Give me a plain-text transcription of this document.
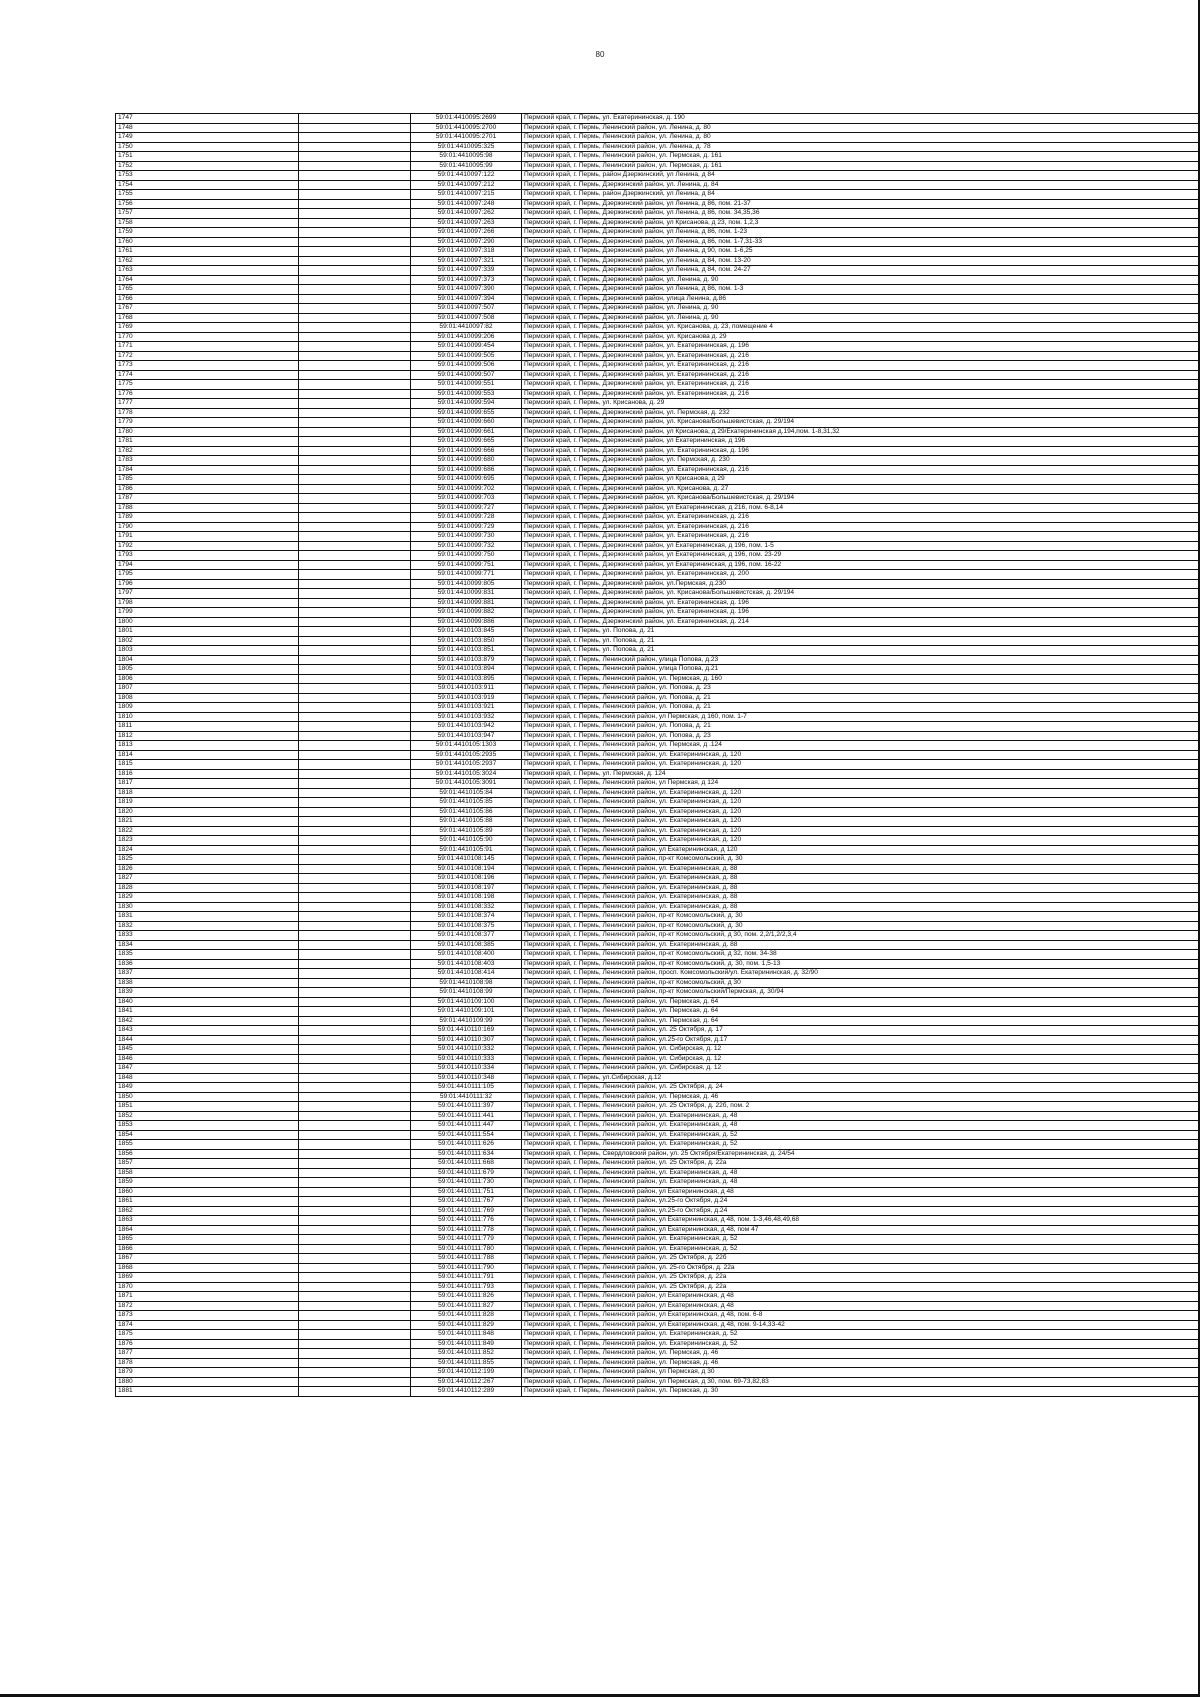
80
1747		59:01:4410095:2699	Пермский край, г. Пермь, ул. Екатерининская, д. 190
1748		59:01:4410095:2700	Пермский край, г. Пермь, Ленинский район, ул. Ленина, д. 80
1749		59:01:4410095:2701	Пермский край, г. Пермь, Ленинский район, ул. Ленина, д. 80
1750		59:01:4410095:325	Пермский край, г. Пермь, Ленинский район, ул. Ленина, д. 78
1751		59:01:4410095:98	Пермский край, г. Пермь, Ленинский район, ул. Пермская, д. 161
1752		59:01:4410095:99	Пермский край, г. Пермь, Ленинский район, ул. Пермская, д. 161
1753		59:01:4410097:122	Пермский край, г. Пермь, район Дзержинский, ул Ленина, д 84
1754		59:01:4410097:212	Пермский край, г. Пермь, Дзержинский район, ул. Ленина, д. 84
1755		59:01:4410097:215	Пермский край, г. Пермь, район Дзержинский, ул Ленина, д 84
1756		59:01:4410097:248	Пермский край, г. Пермь, Дзержинский район, ул Ленина, д 86, пом. 21-37
1757		59:01:4410097:262	Пермский край, г. Пермь, Дзержинский район, ул Ленина, д 86, пом. 34,35,36
1758		59:01:4410097:263	Пермский край, г. Пермь, Дзержинский район, ул Крисанова, д 23, пом. 1,2,3
1759		59:01:4410097:266	Пермский край, г. Пермь, Дзержинский район, ул Ленина, д 86, пом. 1-23
1760		59:01:4410097:290	Пермский край, г. Пермь, Дзержинский район, ул Ленина, д 86, пом. 1-7,31-33
1761		59:01:4410097:318	Пермский край, г. Пермь, Дзержинский район, ул Ленина, д 90, пом. 1-6,25
1762		59:01:4410097:321	Пермский край, г. Пермь, Дзержинский район, ул Ленина, д 84, пом. 13-20
1763		59:01:4410097:339	Пермский край, г. Пермь, Дзержинский район, ул Ленина, д 84, пом. 24-27
1764		59:01:4410097:373	Пермский край, г. Пермь, Дзержинский район, ул. Ленина, д. 90
1765		59:01:4410097:390	Пермский край, г. Пермь, Дзержинский район, ул Ленина, д 86, пом. 1-3
1766		59:01:4410097:394	Пермский край, г. Пермь, Дзержинский район, улица Ленина, д.86
1767		59:01:4410097:507	Пермский край, г. Пермь, Дзержинский район, ул. Ленина, д. 90
1768		59:01:4410097:508	Пермский край, г. Пермь, Дзержинский район, ул. Ленина, д. 90
1769		59:01:4410097:82	Пермский край, г. Пермь, Дзержинский район, ул. Крисанова, д. 23, помещение 4
1770		59:01:4410099:206	Пермский край, г. Пермь, Дзержинский район, ул. Крисанова д. 29
1771		59:01:4410099:454	Пермский край, г. Пермь, Дзержинский район, ул. Екатерининская, д. 196
1772		59:01:4410099:505	Пермский край, г. Пермь, Дзержинский район, ул. Екатерининская, д. 216
1773		59:01:4410099:506	Пермский край, г. Пермь, Дзержинский район, ул. Екатерининская, д. 216
1774		59:01:4410099:507	Пермский край, г. Пермь, Дзержинский район, ул. Екатерининская, д. 216
1775		59:01:4410099:551	Пермский край, г. Пермь, Дзержинский район, ул. Екатерининская, д. 216
1776		59:01:4410099:553	Пермский край, г. Пермь, Дзержинский район, ул. Екатерининская, д. 216
1777		59:01:4410099:594	Пермский край, г. Пермь, ул. Крисанова, д. 29
1778		59:01:4410099:655	Пермский край, г. Пермь, Дзержинский район, ул. Пермская, д. 232
1779		59:01:4410099:660	Пермский край, г. Пермь, Дзержинский район, ул. Крисанова/Большевистская, д. 29/194
1780		59:01:4410099:661	Пермский край, г. Пермь, Дзержинский район, ул Крисанова, д 29/Екатерининская д.194,пом. 1-8,31,32
1781		59:01:4410099:665	Пермский край, г. Пермь, Дзержинский район, ул Екатерининская, д 196
1782		59:01:4410099:666	Пермский край, г. Пермь, Дзержинский район, ул. Екатерининская, д. 196
1783		59:01:4410099:680	Пермский край, г. Пермь, Дзержинский район, ул. Пермская, д. 230
1784		59:01:4410099:686	Пермский край, г. Пермь, Дзержинский район, ул. Екатерининская, д. 216
1785		59:01:4410099:695	Пермский край, г. Пермь, Дзержинский район, ул Крисанова, д 29
1786		59:01:4410099:702	Пермский край, г. Пермь, Дзержинский район, ул. Крисанова, д. 27
1787		59:01:4410099:703	Пермский край, г. Пермь, Дзержинский район, ул. Крисанова/Большевистская, д. 29/194
1788		59:01:4410099:727	Пермский край, г. Пермь, Дзержинский район, ул Екатерининская, д 216, пом. 6-8,14
1789		59:01:4410099:728	Пермский край, г. Пермь, Дзержинский район, ул. Екатерининская, д. 216
1790		59:01:4410099:729	Пермский край, г. Пермь, Дзержинский район, ул. Екатерининская, д. 216
1791		59:01:4410099:730	Пермский край, г. Пермь, Дзержинский район, ул. Екатерининская, д. 216
1792		59:01:4410099:732	Пермский край, г. Пермь, Дзержинский район, ул Екатерининская, д 196, пом. 1-5
1793		59:01:4410099:750	Пермский край, г. Пермь, Дзержинский район, ул Екатерининская, д 196, пом. 23-29
1794		59:01:4410099:751	Пермский край, г. Пермь, Дзержинский район, ул Екатерининская, д 196, пом. 16-22
1795		59:01:4410099:771	Пермский край, г. Пермь, Дзержинский район, ул. Екатерининская, д. 200
1796		59:01:4410099:805	Пермский край, г. Пермь, Дзержинский район, ул.Пермская, д.230
1797		59:01:4410099:831	Пермский край, г. Пермь, Дзержинский район, ул. Крисанова/Большевистская, д. 29/194
1798		59:01:4410099:881	Пермский край, г. Пермь, Дзержинский район, ул. Екатерининская, д. 196
1799		59:01:4410099:882	Пермский край, г. Пермь, Дзержинский район, ул. Екатерининская, д. 196
1800		59:01:4410099:886	Пермский край, г. Пермь, Дзержинский район, ул. Екатерининская, д. 214
1801		59:01:4410103:845	Пермский край, г. Пермь, ул. Попова, д. 21
1802		59:01:4410103:850	Пермский край, г. Пермь, ул. Попова, д. 21
1803		59:01:4410103:851	Пермский край, г. Пермь, ул. Попова, д. 21
1804		59:01:4410103:879	Пермский край, г. Пермь, Ленинский район, улица Попова, д.23
1805		59:01:4410103:894	Пермский край, г. Пермь, Ленинский район, улица Попова, д.21
1806		59:01:4410103:895	Пермский край, г. Пермь, Ленинский район, ул. Пермская, д. 160
1807		59:01:4410103:911	Пермский край, г. Пермь, Ленинский район, ул. Попова, д. 23
1808		59:01:4410103:919	Пермский край, г. Пермь, Ленинский район, ул. Попова, д. 21
1809		59:01:4410103:921	Пермский край, г. Пермь, Ленинский район, ул. Попова, д. 21
1810		59:01:4410103:932	Пермский край, г. Пермь, Ленинский район, ул Пермская, д 160, пом. 1-7
1811		59:01:4410103:942	Пермский край, г. Пермь, Ленинский район, ул. Попова, д. 21
1812		59:01:4410103:947	Пермский край, г. Пермь, Ленинский район, ул. Попова, д. 23
1813		59:01:4410105:1303	Пермский край, г. Пермь, Ленинский район, ул. Пермская, д .124
1814		59:01:4410105:2935	Пермский край, г. Пермь, Ленинский район, ул. Екатерининская, д. 120
1815		59:01:4410105:2937	Пермский край, г. Пермь, Ленинский район, ул. Екатерининская, д. 120
1816		59:01:4410105:3024	Пермский край, г. Пермь, ул. Пермская, д. 124
1817		59:01:4410105:3091	Пермский край, г. Пермь, Ленинский район, ул Пермская, д 124
1818		59:01:4410105:84	Пермский край, г. Пермь, Ленинский район, ул. Екатерининская, д. 120
1819		59:01:4410105:85	Пермский край, г. Пермь, Ленинский район, ул. Екатерининская, д. 120
1820		59:01:4410105:86	Пермский край, г. Пермь, Ленинский район, ул. Екатерининская, д. 120
1821		59:01:4410105:88	Пермский край, г. Пермь, Ленинский район, ул. Екатерининская, д. 120
1822		59:01:4410105:89	Пермский край, г. Пермь, Ленинский район, ул. Екатерининская, д. 120
1823		59:01:4410105:90	Пермский край, г. Пермь, Ленинский район, ул. Екатерининская, д. 120
1824		59:01:4410105:91	Пермский край, г. Пермь, Ленинский район, ул Екатерининская, д 120
1825		59:01:4410108:145	Пермский край, г. Пермь, Ленинский район, пр-кт Комсомольский, д. 30
1826		59:01:4410108:194	Пермский край, г. Пермь, Ленинский район, ул. Екатерининская, д. 88
1827		59:01:4410108:196	Пермский край, г. Пермь, Ленинский район, ул. Екатерининская, д. 88
1828		59:01:4410108:197	Пермский край, г. Пермь, Ленинский район, ул. Екатерининская, д. 88
1829		59:01:4410108:198	Пермский край, г. Пермь, Ленинский район, ул. Екатерининская, д. 88
1830		59:01:4410108:332	Пермский край, г. Пермь, Ленинский район, ул. Екатерининская, д. 88
1831		59:01:4410108:374	Пермский край, г. Пермь, Ленинский район, пр-кт Комсомольский, д. 30
1832		59:01:4410108:375	Пермский край, г. Пермь, Ленинский район, пр-кт Комсомольский, д. 30
1833		59:01:4410108:377	Пермский край, г. Пермь, Ленинский район, пр-кт Комсомольский, д 30, пом. 2,2/1,2/2,3,4
1834		59:01:4410108:385	Пермский край, г. Пермь, Ленинский район, ул. Екатерининская, д. 88
1835		59:01:4410108:400	Пермский край, г. Пермь, Ленинский район, пр-кт Комсомольский, д 32, пом. 34-38
1836		59:01:4410108:403	Пермский край, г. Пермь, Ленинский район, пр-кт Комсомольский, д. 30, пом. 1,5-13
1837		59:01:4410108:414	Пермский край, г. Пермь, Ленинский район, просп. Комсомольский/ул. Екатерининская, д. 32/90
1838		59:01:4410108:98	Пермский край, г. Пермь, Ленинский район, пр-кт Комсомольский, д 30
1839		59:01:4410108:99	Пермский край, г. Пермь, Ленинский район, пр-кт Комсомольский/Пермская, д. 30/94
1840		59:01:4410109:100	Пермский край, г. Пермь, Ленинский район, ул. Пермская, д. 64
1841		59:01:4410109:101	Пермский край, г. Пермь, Ленинский район, ул. Пермская, д. 64
1842		59:01:4410109:99	Пермский край, г. Пермь, Ленинский район, ул. Пермская, д. 64
1843		59:01:4410110:169	Пермский край, г. Пермь, Ленинский район, ул. 25 Октября, д. 17
1844		59:01:4410110:307	Пермский край, г. Пермь, Ленинский район, ул.25-го Октября, д.17
1845		59:01:4410110:332	Пермский край, г. Пермь, Ленинский район, ул. Сибирская, д. 12
1846		59:01:4410110:333	Пермский край, г. Пермь, Ленинский район, ул. Сибирская, д. 12
1847		59:01:4410110:334	Пермский край, г. Пермь, Ленинский район, ул. Сибирская, д. 12
1848		59:01:4410110:348	Пермский край, г. Пермь, ул.Сибирская, д.12
1849		59:01:4410111:105	Пермский край, г. Пермь, Ленинский район, ул. 25 Октября, д. 24
1850		59:01:4410111:32	Пермский край, г. Пермь, Ленинский район, ул. Пермская, д. 46
1851		59:01:4410111:397	Пермский край, г. Пермь, Ленинский район, ул. 25 Октября, д. 22б, пом. 2
1852		59:01:4410111:441	Пермский край, г. Пермь, Ленинский район, ул. Екатерининская, д. 48
1853		59:01:4410111:447	Пермский край, г. Пермь, Ленинский район, ул. Екатерининская, д. 48
1854		59:01:4410111:554	Пермский край, г. Пермь, Ленинский район, ул. Екатерининская, д. 52
1855		59:01:4410111:626	Пермский край, г. Пермь, Ленинский район, ул. Екатерининская, д. 52
1856		59:01:4410111:634	Пермский край, г. Пермь, Свердловский район, ул. 25 Октября/Екатерининская, д. 24/54
1857		59:01:4410111:668	Пермский край, г. Пермь, Ленинский район, ул. 25 Октября, д. 22а
1858		59:01:4410111:679	Пермский край, г. Пермь, Ленинский район, ул. Екатерининская, д. 48
1859		59:01:4410111:730	Пермский край, г. Пермь, Ленинский район, ул. Екатерининская, д. 48
1860		59:01:4410111:751	Пермский край, г. Пермь, Ленинский район, ул Екатерининская, д 48
1861		59:01:4410111:767	Пермский край, г. Пермь, Ленинский район, ул.25-го Октября, д.24
1862		59:01:4410111:769	Пермский край, г. Пермь, Ленинский район, ул.25-го Октября, д.24
1863		59:01:4410111:776	Пермский край, г. Пермь, Ленинский район, ул Екатерининская, д 48, пом. 1-3,46,48,49,68
1864		59:01:4410111:778	Пермский край, г. Пермь, Ленинский район, ул Екатерининская, д 48, пом 47
1865		59:01:4410111:779	Пермский край, г. Пермь, Ленинский район, ул. Екатерининская, д. 52
1866		59:01:4410111:780	Пермский край, г. Пермь, Ленинский район, ул. Екатерининская, д. 52
1867		59:01:4410111:788	Пермский край, г. Пермь, Ленинский район, ул. 25 Октября, д. 22б
1868		59:01:4410111:790	Пермский край, г. Пермь, Ленинский район, ул. 25-го Октября, д. 22а
1869		59:01:4410111:791	Пермский край, г. Пермь, Ленинский район, ул. 25 Октября, д. 22а
1870		59:01:4410111:793	Пермский край, г. Пермь, Ленинский район, ул. 25 Октября, д. 22а
1871		59:01:4410111:826	Пермский край, г. Пермь, Ленинский район, ул Екатерининская, д 48
1872		59:01:4410111:827	Пермский край, г. Пермь, Ленинский район, ул Екатерининская, д 48
1873		59:01:4410111:828	Пермский край, г. Пермь, Ленинский район, ул Екатерининская, д 48, пом. 6-8
1874		59:01:4410111:829	Пермский край, г. Пермь, Ленинский район, ул Екатерининская, д 48, пом. 9-14,33-42
1875		59:01:4410111:848	Пермский край, г. Пермь, Ленинский район, ул. Екатерининская, д. 52
1876		59:01:4410111:849	Пермский край, г. Пермь, Ленинский район, ул. Екатерининская, д. 52
1877		59:01:4410111:852	Пермский край, г. Пермь, Ленинский район, ул. Пермская, д. 46
1878		59:01:4410111:855	Пермский край, г. Пермь, Ленинский район, ул. Пермская, д. 46
1879		59:01:4410112:199	Пермский край, г. Пермь, Ленинский район, ул Пермская, д 30
1880		59:01:4410112:267	Пермский край, г. Пермь, Ленинский район, ул Пермская, д 30, пом. 69-73,82,83
1881		59:01:4410112:289	Пермский край, г. Пермь, Ленинский район, ул. Пермская, д. 30
